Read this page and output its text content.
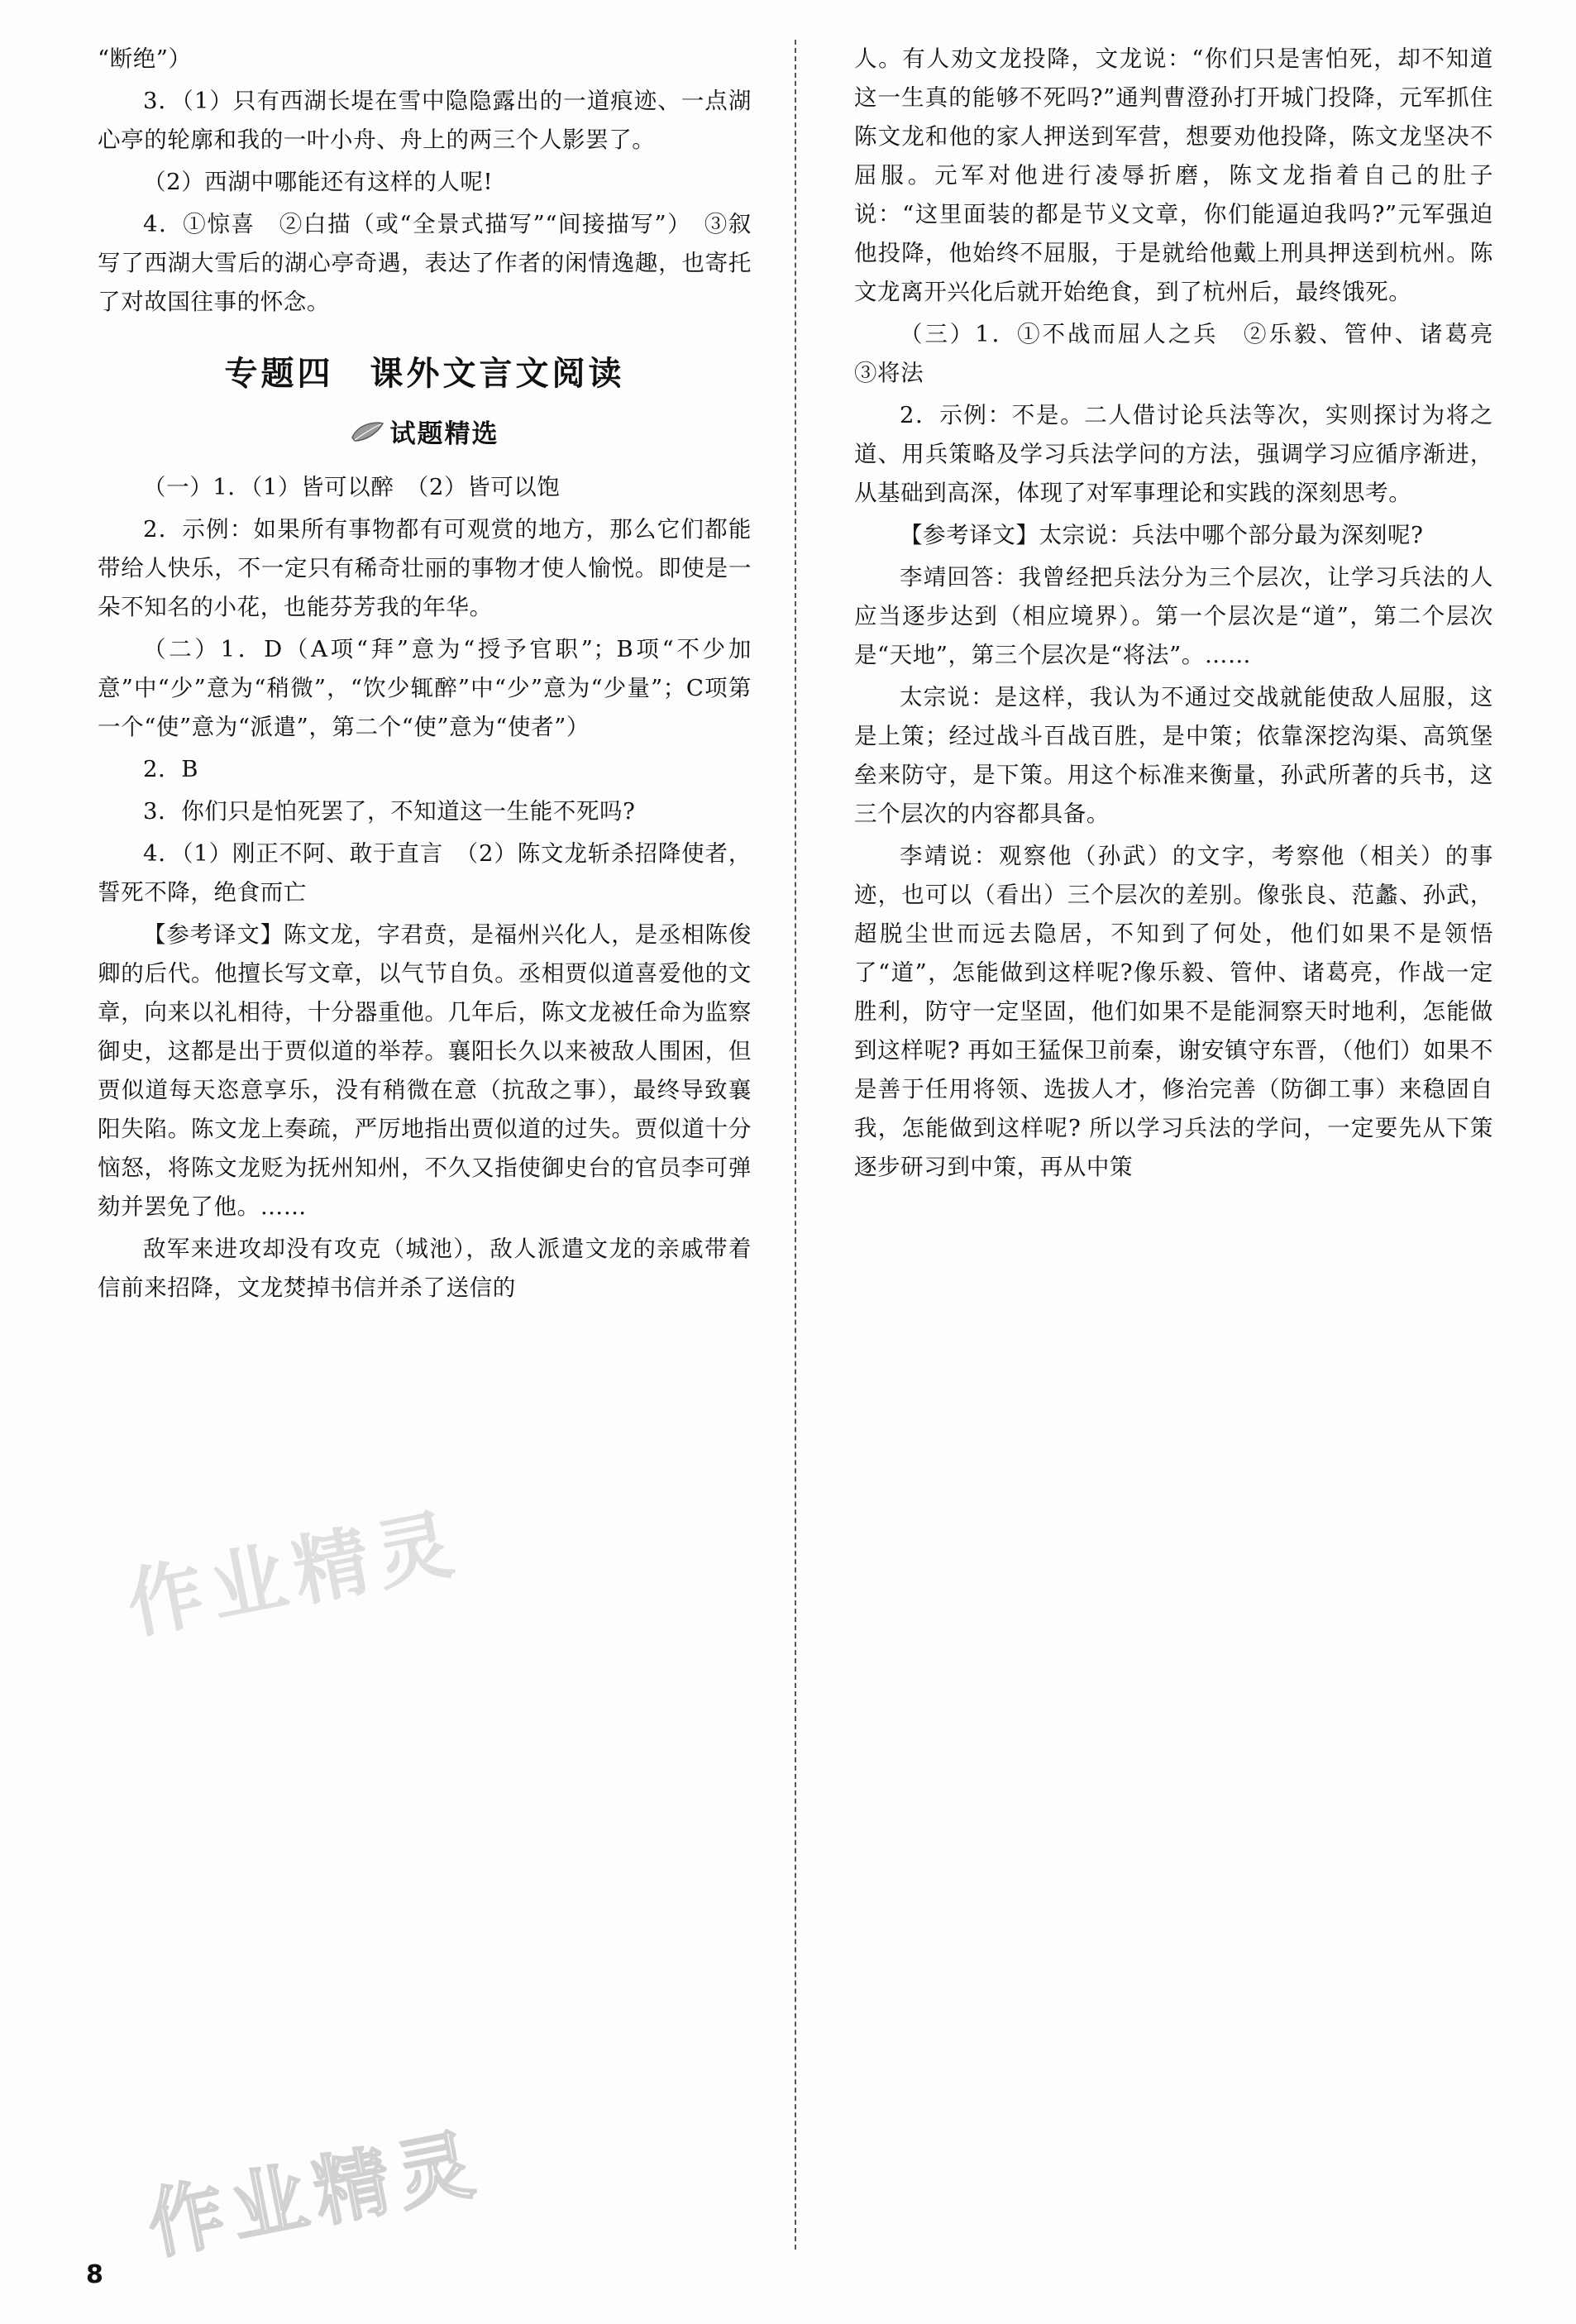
“断绝”）

3．（1）只有西湖长堤在雪中隐隐露出的一道痕迹、一点湖心亭的轮廓和我的一叶小舟、舟上的两三个人影罢了。

（2）西湖中哪能还有这样的人呢!

4．①惊喜　②白描（或“全景式描写”“间接描写”）　③叙写了西湖大雪后的湖心亭奇遇，表达了作者的闲情逸趣，也寄托了对故国往事的怀念。

专题四　课外文言文阅读
试题精选

（一）1．（1）皆可以醉　（2）皆可以饱

2．示例：如果所有事物都有可观赏的地方，那么它们都能带给人快乐，不一定只有稀奇壮丽的事物才使人愉悦。即使是一朵不知名的小花，也能芬芳我的年华。

（二）1．D（A项“拜”意为“授予官职”；B项“不少加意”中“少”意为“稍微”，“饮少辄醉”中“少”意为“少量”；C项第一个“使”意为“派遣”，第二个“使”意为“使者”）

2．B

3．你们只是怕死罢了，不知道这一生能不死吗?

4．（1）刚正不阿、敢于直言　（2）陈文龙斩杀招降使者，誓死不降，绝食而亡

【参考译文】陈文龙，字君贲，是福州兴化人，是丞相陈俊卿的后代。他擅长写文章，以气节自负。丞相贾似道喜爱他的文章，向来以礼相待，十分器重他。几年后，陈文龙被任命为监察御史，这都是出于贾似道的举荐。襄阳长久以来被敌人围困，但贾似道每天恣意享乐，没有稍微在意（抗敌之事），最终导致襄阳失陷。陈文龙上奏疏，严厉地指出贾似道的过失。贾似道十分恼怒，将陈文龙贬为抚州知州，不久又指使御史台的官员李可弹劾并罢免了他。……

敌军来进攻却没有攻克（城池），敌人派遣文龙的亲戚带着信前来招降，文龙焚掉书信并杀了送信的

人。有人劝文龙投降，文龙说：“你们只是害怕死，却不知道这一生真的能够不死吗?”通判曹澄孙打开城门投降，元军抓住陈文龙和他的家人押送到军营，想要劝他投降，陈文龙坚决不屈服。元军对他进行凌辱折磨，陈文龙指着自己的肚子说：“这里面装的都是节义文章，你们能逼迫我吗?”元军强迫他投降，他始终不屈服，于是就给他戴上刑具押送到杭州。陈文龙离开兴化后就开始绝食，到了杭州后，最终饿死。

（三）1．①不战而屈人之兵　②乐毅、管仲、诸葛亮　③将法

2．示例：不是。二人借讨论兵法等次，实则探讨为将之道、用兵策略及学习兵法学问的方法，强调学习应循序渐进，从基础到高深，体现了对军事理论和实践的深刻思考。

【参考译文】太宗说：兵法中哪个部分最为深刻呢?

李靖回答：我曾经把兵法分为三个层次，让学习兵法的人应当逐步达到（相应境界）。第一个层次是“道”，第二个层次是“天地”，第三个层次是“将法”。……

太宗说：是这样，我认为不通过交战就能使敌人屈服，这是上策；经过战斗百战百胜，是中策；依靠深挖沟渠、高筑堡垒来防守，是下策。用这个标准来衡量，孙武所著的兵书，这三个层次的内容都具备。

李靖说：观察他（孙武）的文字，考察他（相关）的事迹，也可以（看出）三个层次的差别。像张良、范蠡、孙武，超脱尘世而远去隐居，不知到了何处，他们如果不是领悟了“道”，怎能做到这样呢?像乐毅、管仲、诸葛亮，作战一定胜利，防守一定坚固，他们如果不是能洞察天时地利，怎能做到这样呢? 再如王猛保卫前秦，谢安镇守东晋，（他们）如果不是善于任用将领、选拔人才，修治完善（防御工事）来稳固自我，怎能做到这样呢? 所以学习兵法的学问，一定要先从下策逐步研习到中策，再从中策

8
作业精灵
作业精灵
